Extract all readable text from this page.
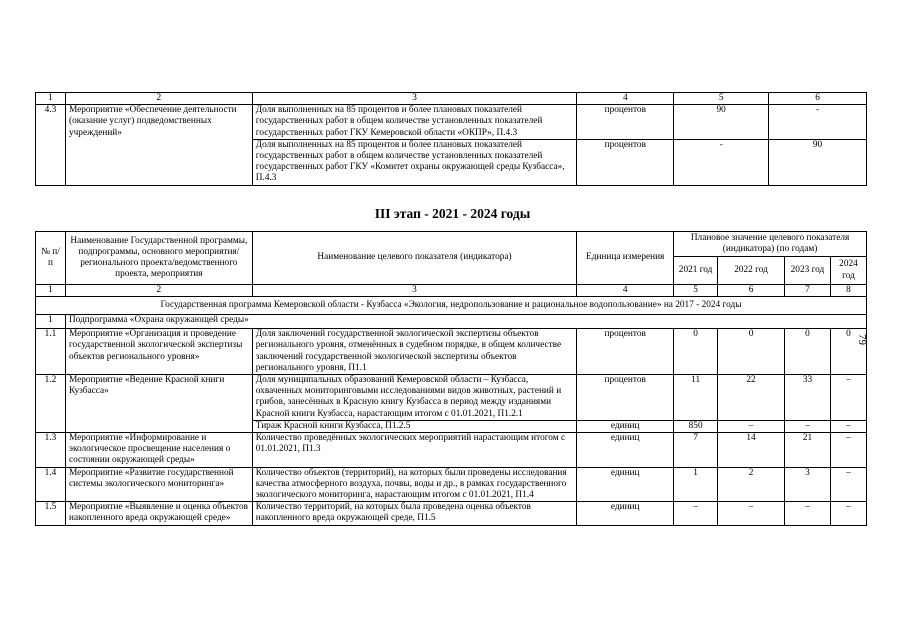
1	2	3	4	5	6
4.3	Мероприятие «Обеспечение деятельности (оказание услуг) подведомственных учреждений»	Доля выполненных на 85 процентов и более плановых показателей государственных работ в общем количестве установленных показателей государственных работ ГКУ Кемеровской области «ОКПР», П.4.3	процентов	90	-
		Доля выполненных на 85 процентов и более плановых показателей государственных работ в общем количестве установленных показателей государственных работ ГКУ «Комитет охраны окружающей среды Кузбасса», П.4.3	процентов	-	90
III этап - 2021 - 2024 годы
№ п/п	Наименование Государственной программы, подпрограммы, основного мероприятия/регионального проекта/ведомственного проекта, мероприятия	Наименование целевого показателя (индикатора)	Единица измерения	Плановое значение целевого показателя (индикатора) (по годам)			
				2021 год	2022 год	2023 год	2024 год
1	2	3	4	5	6	7	8
Государственная программа Кемеровской области - Кузбасса «Экология, недропользование и рациональное водопользование» на 2017 - 2024 годы							
1	Подпрограмма «Охрана окружающей среды»						
1.1	Мероприятие «Организация и проведение государственной экологической экспертизы объектов регионального уровня»	Доля заключений государственной экологической экспертизы объектов регионального уровня, отменённых в судебном порядке, в общем количестве заключений государственной экологической экспертизы объектов регионального уровня, П1.1	процентов	0	0	0	0
1.2	Мероприятие «Ведение Красной книги Кузбасса»	Доля муниципальных образований Кемеровской области – Кузбасса, охваченных мониторинговыми исследованиями видов животных, растений и грибов, занесённых в Красную книгу Кузбасса в период между изданиями Красной книги Кузбасса, нарастающим итогом с 01.01.2021, П1.2.1	процентов	11	22	33	–
		Тираж Красной книги Кузбасса, П1.2.5	единиц	850	–	–	–
1.3	Мероприятие «Информирование и экологическое просвещение населения о состоянии окружающей среды»	Количество проведённых экологических мероприятий нарастающим итогом с 01.01.2021, П1.3	единиц	7	14	21	–
1.4	Мероприятие «Развитие государственной системы экологического мониторинга»	Количество объектов (территорий), на которых были проведены исследования качества атмосферного воздуха, почвы, воды и др., в рамках государственного экологического мониторинга, нарастающим итогом с 01.01.2021, П1.4	единиц	1	2	3	–
1.5	Мероприятие «Выявление и оценка объектов накопленного вреда окружающей среде»	Количество территорий, на которых была проведена оценка объектов накопленного вреда окружающей среде, П1.5	единиц	–	–	–	–
79
